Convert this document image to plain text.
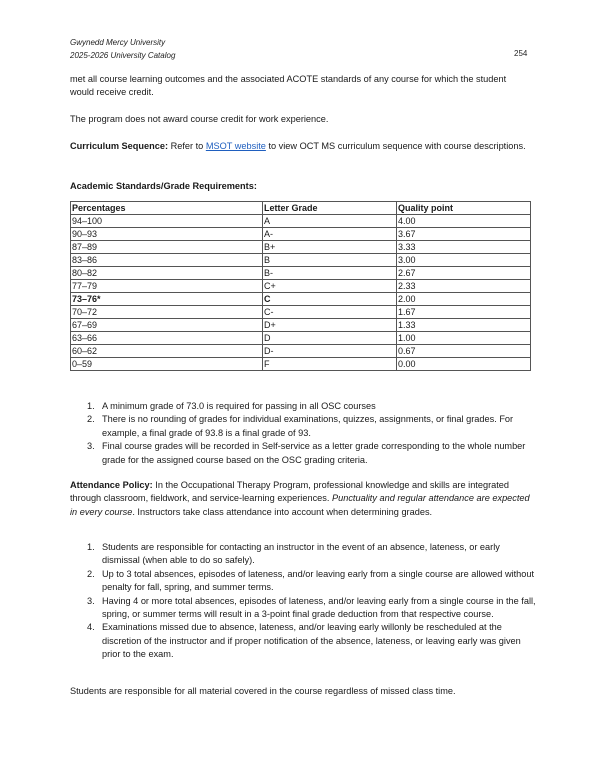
Gwynedd Mercy University
2025-2026 University Catalog	254
met all course learning outcomes and the associated ACOTE standards of any course for which the student would receive credit.
The program does not award course credit for work experience.
Curriculum Sequence: Refer to MSOT website to view OCT MS curriculum sequence with course descriptions.
Academic Standards/Grade Requirements:
Percentages	Letter Grade	Quality point
94–100	A	4.00
90–93	A-	3.67
87–89	B+	3.33
83–86	B	3.00
80–82	B-	2.67
77–79	C+	2.33
73–76*	C	2.00
70–72	C-	1.67
67–69	D+	1.33
63–66	D	1.00
60–62	D-	0.67
0–59	F	0.00
1. A minimum grade of 73.0 is required for passing in all OSC courses
2. There is no rounding of grades for individual examinations, quizzes, assignments, or final grades. For example, a final grade of 93.8 is a final grade of 93.
3. Final course grades will be recorded in Self-service as a letter grade corresponding to the whole number grade for the assigned course based on the OSC grading criteria.
Attendance Policy: In the Occupational Therapy Program, professional knowledge and skills are integrated through classroom, fieldwork, and service-learning experiences. Punctuality and regular attendance are expected in every course. Instructors take class attendance into account when determining grades.
1. Students are responsible for contacting an instructor in the event of an absence, lateness, or early dismissal (when able to do so safely).
2. Up to 3 total absences, episodes of lateness, and/or leaving early from a single course are allowed without penalty for fall, spring, and summer terms.
3. Having 4 or more total absences, episodes of lateness, and/or leaving early from a single course in the fall, spring, or summer terms will result in a 3-point final grade deduction from that respective course.
4. Examinations missed due to absence, lateness, and/or leaving early willonly be rescheduled at the discretion of the instructor and if proper notification of the absence, lateness, or leaving early was given prior to the exam.
Students are responsible for all material covered in the course regardless of missed class time.
